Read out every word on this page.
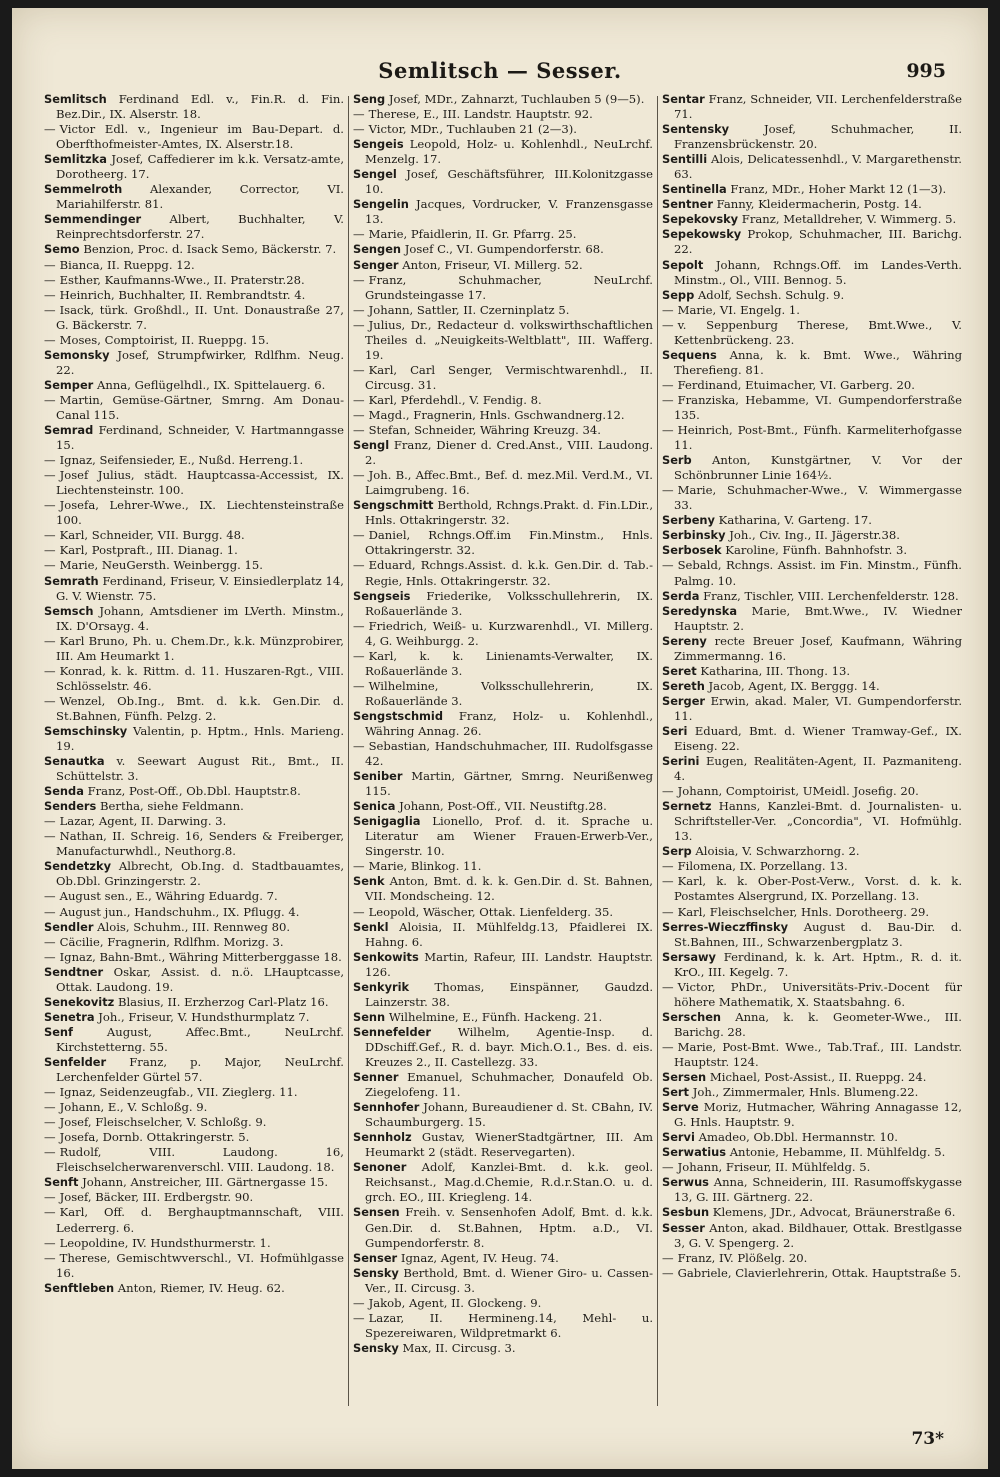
Semlitsch — Sesser.	995

Semlitsch Ferdinand Edl. v., Fin.R. d. Fin. Bez.Dir., IX. Alserstr. 18.

— Victor Edl. v., Ingenieur im Bau-Depart. d. Oberfthofmeister-Amtes, IX. Alserstr.18.

Semlitzka Josef, Caffedierer im k.k. Versatz-amte, Dorotheerg. 17.

Semmelroth Alexander, Corrector, VI. Mariahilferstr. 81.

Semmendinger Albert, Buchhalter, V. Reinprechtsdorferstr. 27.

Semo Benzion, Proc. d. Isack Semo, Bäckerstr. 7.

— Bianca, II. Rueppg. 12.

— Esther, Kaufmanns-Wwe., II. Praterstr.28.

— Heinrich, Buchhalter, II. Rembrandtstr. 4.

— Isack, türk. Großhdl., II. Unt. Donaustraße 27, G. Bäckerstr. 7.

— Moses, Comptoirist, II. Rueppg. 15.

Semonsky Josef, Strumpfwirker, Rdlfhm. Neug. 22.

Semper Anna, Geflügelhdl., IX. Spittelauerg. 6.

— Martin, Gemüse-Gärtner, Smrng. Am Donau-Canal 115.

Semrad Ferdinand, Schneider, V. Hartmanngasse 15.

— Ignaz, Seifensieder, E., Nußd. Herreng.1.

— Josef Julius, städt. Hauptcassa-Accessist, IX. Liechtensteinstr. 100.

— Josefa, Lehrer-Wwe., IX. Liechtensteinstraße 100.

— Karl, Schneider, VII. Burgg. 48.

— Karl, Postpraft., III. Dianag. 1.

— Marie, NeuGersth. Weinbergg. 15.

Semrath Ferdinand, Friseur, V. Einsiedlerplatz 14, G. V. Wienstr. 75.

Semsch Johann, Amtsdiener im LVerth. Minstm., IX. D'Orsayg. 4.

— Karl Bruno, Ph. u. Chem.Dr., k.k. Münzprobirer, III. Am Heumarkt 1.

— Konrad, k. k. Rittm. d. 11. Huszaren-Rgt., VIII. Schlösselstr. 46.

— Wenzel, Ob.Ing., Bmt. d. k.k. Gen.Dir. d. St.Bahnen, Fünfh. Pelzg. 2.

Semschinsky Valentin, p. Hptm., Hnls. Marieng. 19.

Senautka v. Seewart August Rit., Bmt., II. Schüttelstr. 3.

Senda Franz, Post-Off., Ob.Dbl. Hauptstr.8.

Senders Bertha, siehe Feldmann.

— Lazar, Agent, II. Darwing. 3.

— Nathan, II. Schreig. 16, Senders & Freiberger, Manufacturwhdl., Neuthorg.8.

Sendetzky Albrecht, Ob.Ing. d. Stadtbauamtes, Ob.Dbl. Grinzingerstr. 2.

— August sen., E., Währing Eduardg. 7.

— August jun., Handschuhm., IX. Pflugg. 4.

Sendler Alois, Schuhm., III. Rennweg 80.

— Cäcilie, Fragnerin, Rdlfhm. Morizg. 3.

— Ignaz, Bahn-Bmt., Währing Mitterberggasse 18.

Sendtner Oskar, Assist. d. n.ö. LHauptcasse, Ottak. Laudong. 19.

Senekovitz Blasius, II. Erzherzog Carl-Platz 16.

Senetra Joh., Friseur, V. Hundsthurmplatz 7.

Senf	August, Affec.Bmt., NeuLrchf. Kirchstetterng. 55.

Senfelder Franz, p. Major, NeuLrchf. Lerchenfelder Gürtel 57.

— Ignaz, Seidenzeugfab., VII. Zieglerg. 11.

— Johann, E., V. Schloßg. 9.

— Josef, Fleischselcher, V. Schloßg. 9.

— Josefa, Dornb. Ottakringerstr. 5.

— Rudolf, VIII. Laudong. 16, Fleischselcherwarenverschl. VIII. Laudong. 18.

Senft Johann, Anstreicher, III. Gärtnergasse 15.

— Josef, Bäcker, III. Erdbergstr. 90.

— Karl, Off. d. Berghauptmannschaft, VIII. Lederrerg. 6.

— Leopoldine, IV. Hundsthurmerstr. 1.

— Therese, Gemischtwverschl., VI. Hofmühlgasse 16.

Senftleben Anton, Riemer, IV. Heug. 62.

Seng Josef, MDr., Zahnarzt, Tuchlauben 5 (9—5).

— Therese, E., III. Landstr. Hauptstr. 92.

— Victor, MDr., Tuchlauben 21 (2—3).

Sengeis Leopold, Holz- u. Kohlenhdl., NeuLrchf. Menzelg. 17.

Sengel Josef, Geschäftsführer, III.Kolonitzgasse 10.

Sengelin Jacques, Vordrucker, V. Franzensgasse 13.

— Marie, Pfaidlerin, II. Gr. Pfarrg. 25.

Sengen Josef C., VI. Gumpendorferstr. 68.

Senger Anton, Friseur, VI. Millerg. 52.

— Franz, Schuhmacher, NeuLrchf. Grundsteingasse 17.

— Johann, Sattler, II. Czerninplatz 5.

— Julius, Dr., Redacteur d. volkswirthschaftlichen Theiles d. „Neuigkeits-Weltblatt", III. Wafferg. 19.

— Karl, Carl Senger, Vermischtwarenhdl., II. Circusg. 31.

— Karl, Pferdehdl., V. Fendig. 8.

— Magd., Fragnerin, Hnls. Gschwandnerg.12.

— Stefan, Schneider, Währing Kreuzg. 34.

Sengl Franz, Diener d. Cred.Anst., VIII. Laudong. 2.

— Joh. B., Affec.Bmt., Bef. d. mez.Mil. Verd.M., VI. Laimgrubeng. 16.

Sengschmitt Berthold, Rchngs.Prakt. d. Fin.LDir., Hnls. Ottakringerstr. 32.

— Daniel, Rchngs.Off.im Fin.Minstm., Hnls. Ottakringerstr. 32.

— Eduard, Rchngs.Assist. d. k.k. Gen.Dir. d. Tab.-Regie, Hnls. Ottakringerstr. 32.

Sengseis Friederike, Volksschullehrerin, IX. Roßauerlände 3.

— Friedrich, Weiß- u. Kurzwarenhdl., VI. Millerg. 4, G. Weihburgg. 2.

— Karl, k. k. Linienamts-Verwalter, IX. Roßauerlände 3.

— Wilhelmine, Volksschullehrerin, IX. Roßauerlände 3.

Sengstschmid Franz, Holz- u. Kohlenhdl., Währing Annag. 26.

— Sebastian, Handschuhmacher, III. Rudolfsgasse 42.

Seniber Martin, Gärtner, Smrng. Neurißenweg 115.

Senica Johann, Post-Off., VII. Neustiftg.28.

Senigaglia Lionello, Prof. d. it. Sprache u. Literatur am Wiener Frauen-Erwerb-Ver., Singerstr. 10.

— Marie, Blinkog. 11.

Senk Anton, Bmt. d. k. k. Gen.Dir. d. St. Bahnen, VII. Mondscheing. 12.

— Leopold, Wäscher, Ottak. Lienfelderg. 35.

Senkl Aloisia, II. Mühlfeldg.13, Pfaidlerei IX. Hahng. 6.

Senkowits Martin, Rafeur, III. Landstr. Hauptstr. 126.

Senkyrik Thomas, Einspänner, Gaudzd. Lainzerstr. 38.

Senn Wilhelmine, E., Fünfh. Hackeng. 21.

Sennefelder Wilhelm, Agentie-Insp. d. DDschiff.Gef., R. d. bayr. Mich.O.1., Bes. d. eis. Kreuzes 2., II. Castellezg. 33.

Senner Emanuel, Schuhmacher, Donaufeld Ob. Ziegelofeng. 11.

Sennhofer Johann, Bureaudiener d. St. CBahn, IV. Schaumburgerg. 15.

Sennholz Gustav, WienerStadtgärtner, III. Am Heumarkt 2 (städt. Reservegarten).

Senoner Adolf, Kanzlei-Bmt. d. k.k. geol. Reichsanst., Mag.d.Chemie, R.d.r.Stan.O. u. d. grch. EO., III. Kriegleng. 14.

Sensen Freih. v. Sensenhofen Adolf, Bmt. d. k.k. Gen.Dir. d. St.Bahnen, Hptm. a.D., VI. Gumpendorferstr. 8.

Senser Ignaz, Agent, IV. Heug. 74.

Sensky Berthold, Bmt. d. Wiener Giro- u. Cassen-Ver., II. Circusg. 3.

— Jakob, Agent, II. Glockeng. 9.

— Lazar, II. Hermineng.14, Mehl- u. Spezereiwaren, Wildpretmarkt 6.

Sensky Max, II. Circusg. 3.

Sentar Franz, Schneider, VII. Lerchenfelderstraße 71.

Sentensky	Josef, Schuhmacher, II. Franzensbrückenstr. 20.

Sentilli Alois, Delicatessenhdl., V. Margarethenstr. 63.

Sentinella Franz, MDr., Hoher Markt 12 (1—3).

Sentner Fanny, Kleidermacherin, Postg. 14.

Sepekovsky Franz, Metalldreher, V. Wimmerg. 5.

Sepekowsky Prokop, Schuhmacher, III. Barichg. 22.

Sepolt Johann, Rchngs.Off. im Landes-Verth. Minstm., Ol., VIII. Bennog. 5.

Sepp Adolf, Sechsh. Schulg. 9.

— Marie, VI. Engelg. 1.

— v. Seppenburg Therese, Bmt.Wwe., V. Kettenbrückeng. 23.

Sequens Anna, k. k. Bmt. Wwe., Währing Therefieng. 81.

— Ferdinand, Etuimacher, VI. Garberg. 20.

— Franziska, Hebamme, VI. Gumpendorferstraße 135.

— Heinrich, Post-Bmt., Fünfh. Karmeliterhofgasse 11.

Serb Anton, Kunstgärtner, V. Vor der Schönbrunner Linie 164½.

— Marie, Schuhmacher-Wwe., V. Wimmergasse 33.

Serbeny Katharina, V. Garteng. 17.

Serbinsky Joh., Civ. Ing., II. Jägerstr.38.

Serbosek Karoline, Fünfh. Bahnhofstr. 3.

— Sebald, Rchngs. Assist. im Fin. Minstm., Fünfh. Palmg. 10.

Serda Franz, Tischler, VIII. Lerchenfelderstr. 128.

Seredynska Marie, Bmt.Wwe., IV. Wiedner Hauptstr. 2.

Sereny recte Breuer Josef, Kaufmann, Währing Zimmermanng. 16.

Seret Katharina, III. Thong. 13.

Sereth Jacob, Agent, IX. Berggg. 14.

Serger Erwin, akad. Maler, VI. Gumpendorferstr. 11.

Seri Eduard, Bmt. d. Wiener Tramway-Gef., IX. Eiseng. 22.

Serini Eugen, Realitäten-Agent, II. Pazmaniteng. 4.

— Johann, Comptoirist, UMeidl. Josefig. 20.

Sernetz Hanns, Kanzlei-Bmt. d. Journalisten- u. Schriftsteller-Ver. „Concordia", VI. Hofmühlg. 13.

Serp Aloisia, V. Schwarzhorng. 2.

— Filomena, IX. Porzellang. 13.

— Karl, k. k. Ober-Post-Verw., Vorst. d. k. k. Postamtes Alsergrund, IX. Porzellang. 13.

— Karl, Fleischselcher, Hnls. Dorotheerg. 29.

Serres-Wieczffinsky August d. Bau-Dir. d. St.Bahnen, III., Schwarzenbergplatz 3.

Sersawy Ferdinand, k. k. Art. Hptm., R. d. it. KrO., III. Kegelg. 7.

— Victor, PhDr., Universitäts-Priv.-Docent für höhere Mathematik, X. Staatsbahng. 6.

Serschen Anna, k. k. Geometer-Wwe., III. Barichg. 28.

— Marie, Post-Bmt. Wwe., Tab.Traf., III. Landstr. Hauptstr. 124.

Sersen Michael, Post-Assist., II. Rueppg. 24.

Sert Joh., Zimmermaler, Hnls. Blumeng.22.

Serve Moriz, Hutmacher, Währing Annagasse 12, G. Hnls. Hauptstr. 9.

Servi Amadeo, Ob.Dbl. Hermannstr. 10.

Serwatius Antonie, Hebamme, II. Mühlfeldg. 5.

— Johann, Friseur, II. Mühlfeldg. 5.

Serwus Anna, Schneiderin, III. Rasumoffskygasse 13, G. III. Gärtnerg. 22.

Sesbun Klemens, JDr., Advocat, Bräunerstraße 6.

Sesser Anton, akad. Bildhauer, Ottak. Brestlgasse 3, G. V. Spengerg. 2.

— Franz, IV. Plößelg. 20.

— Gabriele, Clavierlehrerin, Ottak. Hauptstraße 5.

73*
